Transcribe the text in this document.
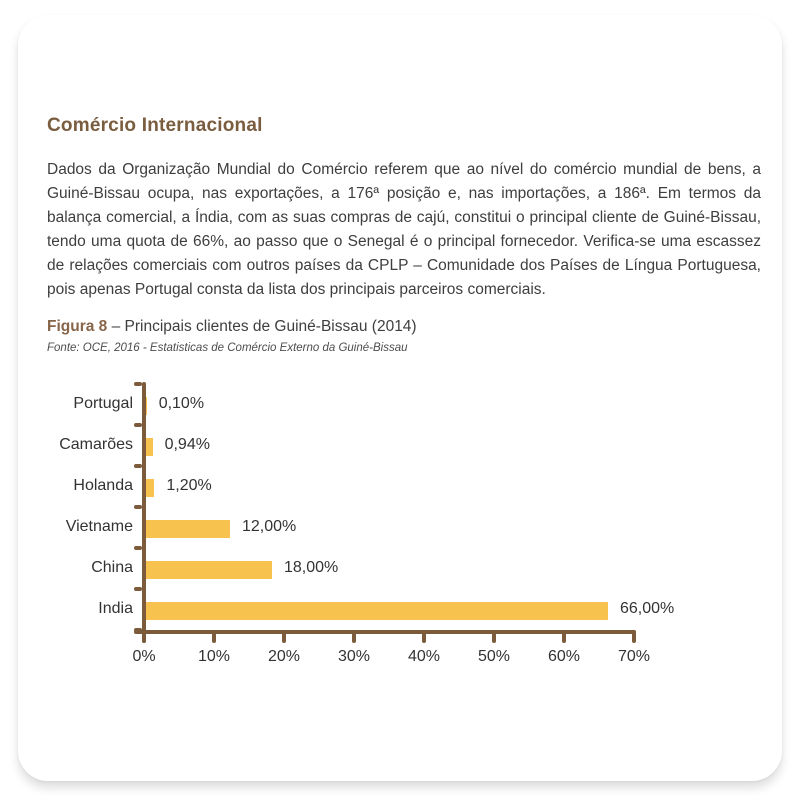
Comércio Internacional

Dados da Organização Mundial do Comércio referem que ao nível do comércio mundial de bens, a Guiné-Bissau ocupa, nas exportações, a 176ª posição e, nas importações, a 186ª. Em termos da balança comercial, a Índia, com as suas compras de cajú, constitui o principal cliente de Guiné-Bissau, tendo uma quota de 66%, ao passo que o Senegal é o principal fornecedor. Verifica-se uma escassez de relações comerciais com outros países da CPLP – Comunidade dos Países de Língua Portuguesa, pois apenas Portugal consta da lista dos principais parceiros comerciais.

Figura 8 – Principais clientes de Guiné-Bissau (2014)
Fonte: OCE, 2016 - Estatisticas de Comércio Externo da Guiné-Bissau
0%	10%	20%	30%	40%	50%	60%	70%
Portugal 0,10%
Camarões 0,94%
Holanda 1,20%
Vietname	12,00%
China	18,00%
India	66,00%
